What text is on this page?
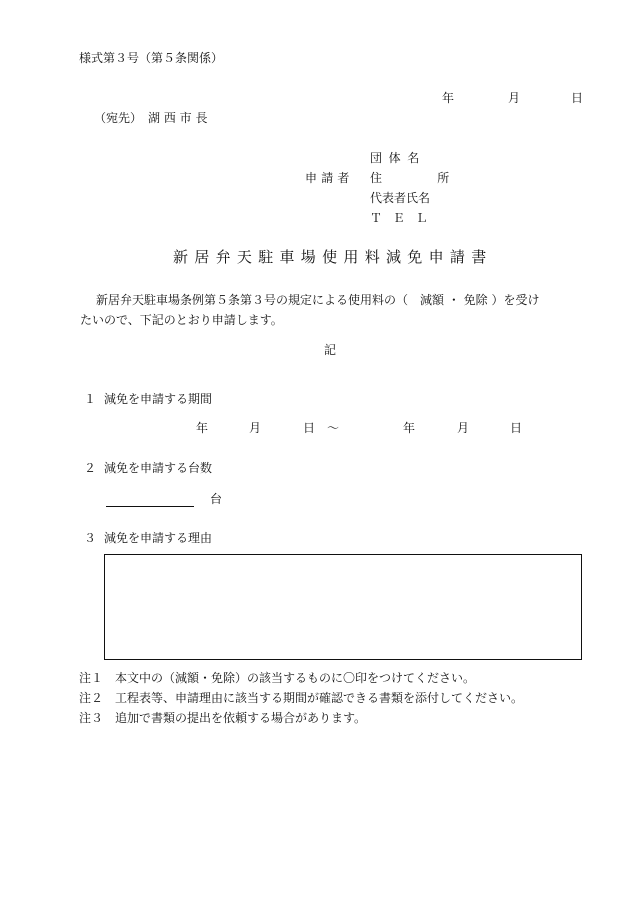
様式第３号（第５条関係）
年	月	日
（宛先）　湖 西 市 長
団体名
申請者 住　所
代表者氏名
ＴＥＬ
新居弁天駐車場使用料減免申請書
新居弁天駐車場条例第５条第３号の規定による使用料の（　減額 ・ 免除 ）を受け
たいので、下記のとおり申請します。
記
１ 減免を申請する期間
年	月	日 ～	年	月	日
２ 減免を申請する台数
台
３ 減免を申請する理由
注１　本文中の（減額・免除）の該当するものに〇印をつけてください。
注２　工程表等、申請理由に該当する期間が確認できる書類を添付してください。
注３　追加で書類の提出を依頼する場合があります。
